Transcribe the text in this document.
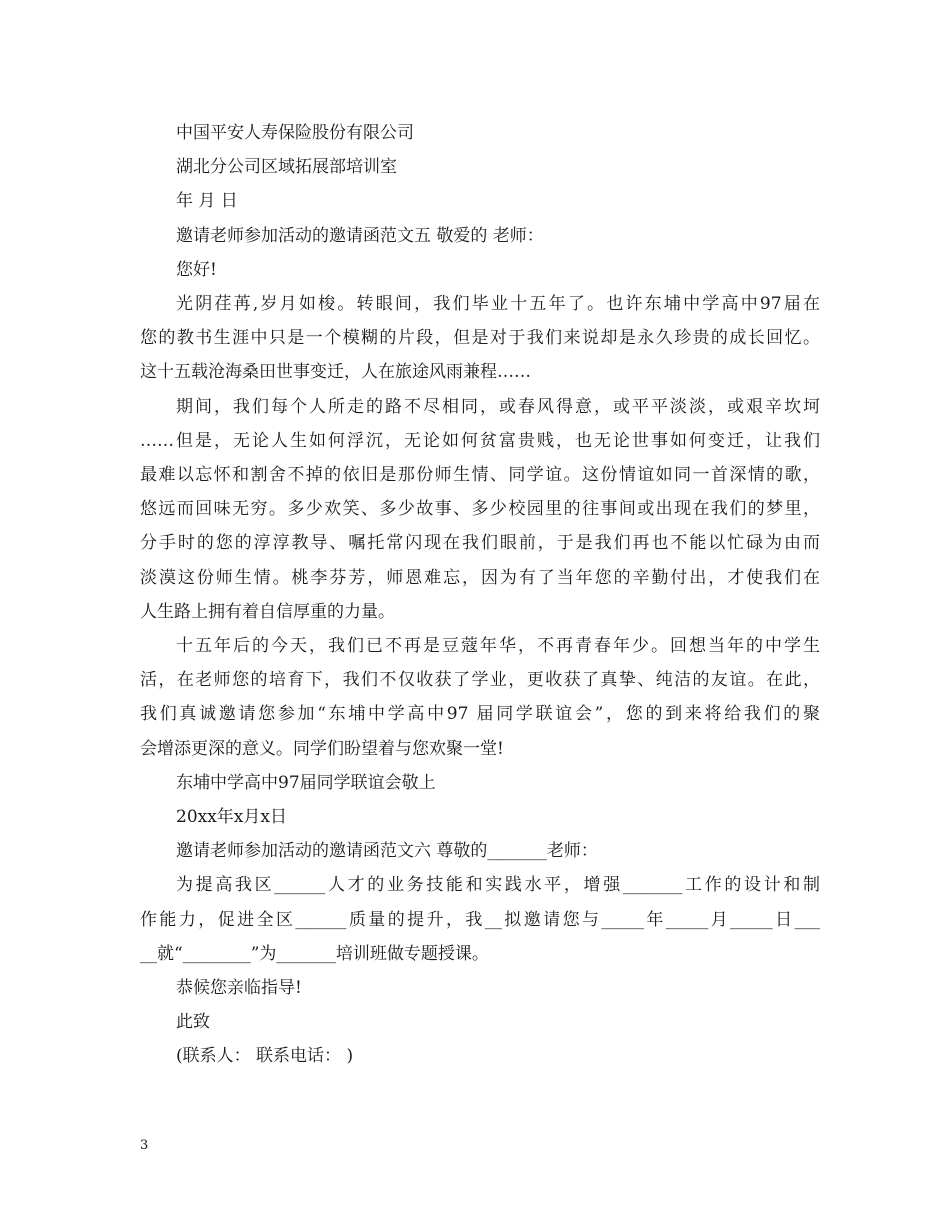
中国平安人寿保险股份有限公司

湖北分公司区域拓展部培训室

年 月 日

邀请老师参加活动的邀请函范文五 敬爱的 老师：

您好!

光阴荏苒,岁月如梭。转眼间，我们毕业十五年了。也许东埔中学高中97届在

您的教书生涯中只是一个模糊的片段，但是对于我们来说却是永久珍贵的成长回忆。

这十五载沧海桑田世事变迁，人在旅途风雨兼程……

期间，我们每个人所走的路不尽相同，或春风得意，或平平淡淡，或艰辛坎坷

……但是，无论人生如何浮沉，无论如何贫富贵贱，也无论世事如何变迁，让我们

最难以忘怀和割舍不掉的依旧是那份师生情、同学谊。这份情谊如同一首深情的歌，

悠远而回味无穷。多少欢笑、多少故事、多少校园里的往事间或出现在我们的梦里，

分手时的您的淳淳教导、嘱托常闪现在我们眼前，于是我们再也不能以忙碌为由而

淡漠这份师生情。桃李芬芳，师恩难忘，因为有了当年您的辛勤付出，才使我们在

人生路上拥有着自信厚重的力量。

十五年后的今天，我们已不再是豆蔻年华，不再青春年少。回想当年的中学生

活，在老师您的培育下，我们不仅收获了学业，更收获了真挚、纯洁的友谊。在此，

我们真诚邀请您参加“东埔中学高中97 届同学联谊会”，您的到来将给我们的聚

会增添更深的意义。同学们盼望着与您欢聚一堂!

东埔中学高中97届同学联谊会敬上

20xx年x月x日

邀请老师参加活动的邀请函范文六 尊敬的_______老师：

为提高我区______人才的业务技能和实践水平，增强_______工作的设计和制

作能力，促进全区______质量的提升，我__拟邀请您与_____年_____月_____日___

__就“________”为_______培训班做专题授课。

恭候您亲临指导!

此致

(联系人： 联系电话： )

3
